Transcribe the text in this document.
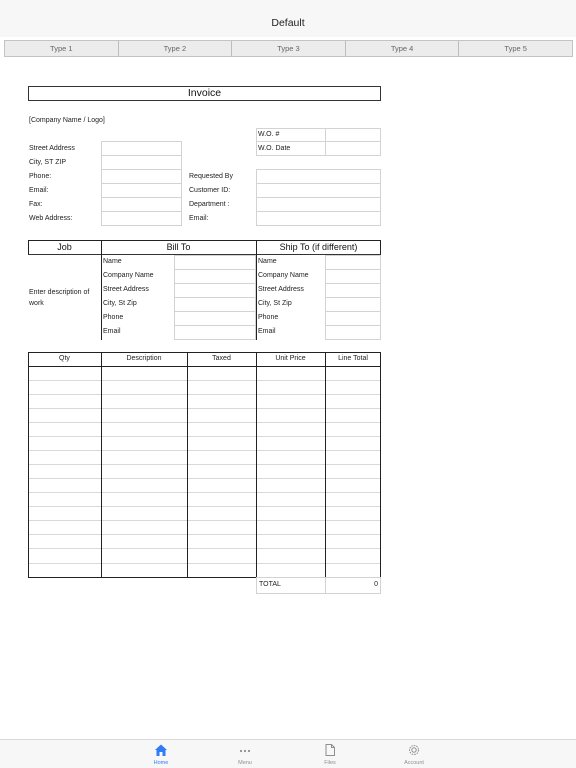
Default
Type 1	Type 2	Type 3	Type 4	Type 5
Invoice
[Company Name / Logo]
W.O. #
W.O. Date
Street Address
City, ST ZIP
Phone:
Email:
Fax:
Web Address:
Requested By
Customer ID:
Department :
Email:
Job	Bill To	Ship To (if different)
Enter description of work
Name
Company Name
Street Address
City, St Zip
Phone
Email
Name
Company Name
Street Address
City, St Zip
Phone
Email
Qty	Description	Taxed	Unit Price	Line Total
TOTAL	0
Home	Menu	Files	Account
